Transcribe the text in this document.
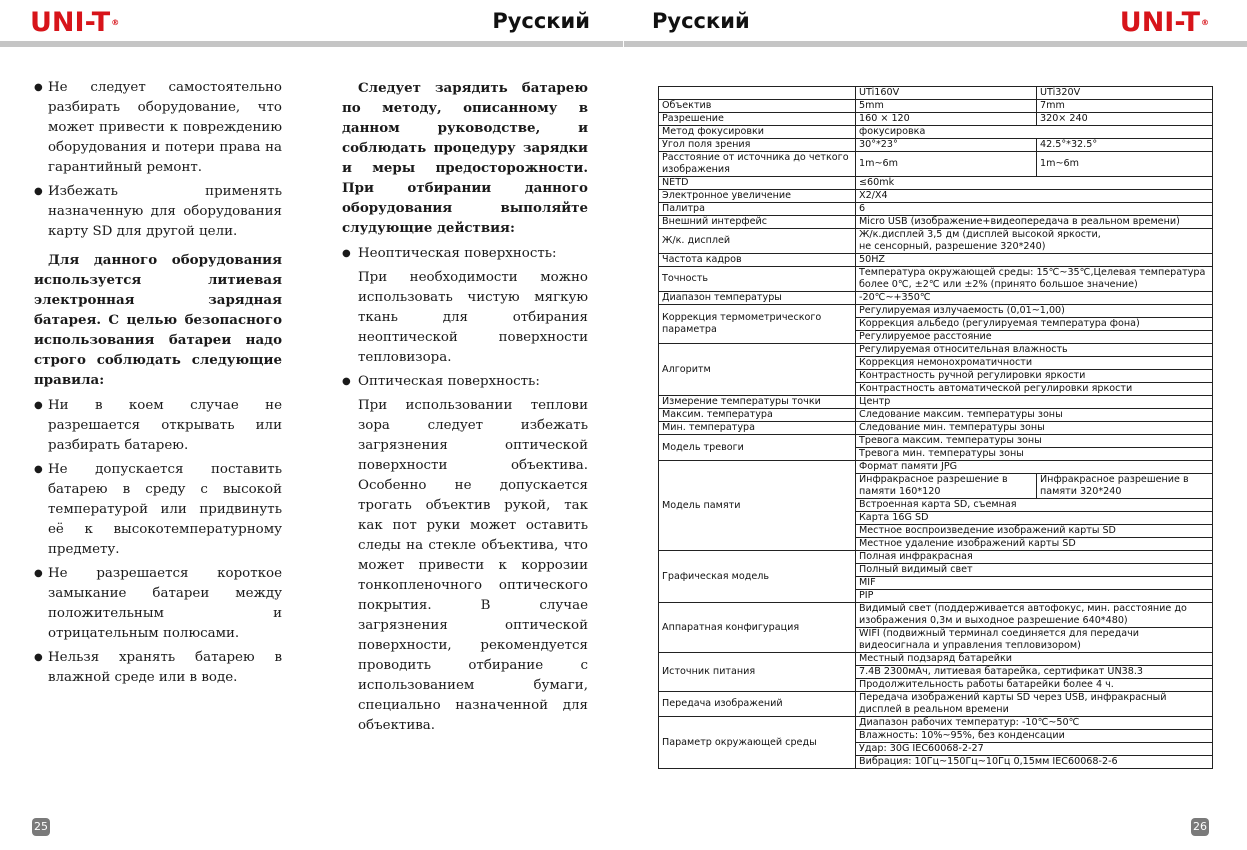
UNI-T®	Русский

● Не следует самостоятельно разбирать оборудование, что может привести к повреждению оборудования и потери права на гарантийный ремонт.

● Избежать применять назначенную для оборудования карту SD для другой цели.

Для данного оборудования используется литиевая электронная зарядная батарея. С целью безопасного использования батареи надо строго соблюдать следующие правила:

● Ни в коем случае не разрешается открывать или разбирать батарею.

● Не допускается поставить батарею в среду с высокой температурой или придвинуть её к высокотемпературному предмету.

● Не разрешается короткое замыкание батареи между положительным и отрицательным полюсами.

● Нельзя хранять батарею в влажной среде или в воде.

Следует зарядить батарею по методу, описанному в данном руководстве, и соблюдать процедуру зарядки и меры предосторожности. При отбирании данного оборудования выполяйте слудующие действия:

● Неоптическая поверхность:

При необходимости можно использовать чистую мягкую ткань для отбирания неоптической поверхности тепловизора.

● Оптическая поверхность:

При использовании теплови зора следует избежать загрязнения оптической поверхности объектива. Особенно не допускается трогать объектив рукой, так как пот руки может оставить следы на стекле объектива, что может привести к коррозии тонкопленочного оптического покрытия. В случае загрязнения оптической поверхности, рекомендуется проводить отбирание с использованием бумаги, специально назначенной для объектива.

25
Русский	UNI-T®
	UTi160V	UTi320V
Объектив	5mm	7mm
Разрешение	160 × 120	320× 240
Метод фокусировки	фокусировка	
Угол поля зрения	30°*23°	42.5°*32.5°
Расстояние от источника до четкого изображения	1m~6m	1m~6m
NETD	≤60mk	
Электронное увеличение	X2/X4	
Палитра	6	
Внешний интерфейс	Micro USB (изображение+видеопередача в реальном времени)	
Ж/к. дисплей	Ж/к.дисплей 3,5 дм (дисплей высокой яркости,
не сенсорный, разрешение 320*240)	

Частота кадров	50HZ	
Точность	Температура окружающей среды: 15℃~35℃,Целевая температура
более 0℃, ±2℃ или ±2% (принято большое значение)	

Диапазон температуры	-20℃~+350℃	
Коррекция термометрического параметра	Регулируемая излучаемость (0,01~1,00)	
	Коррекция альбедо (регулируемая температура фона)	
	Регулируемое расстояние	
Алгоритм	Регулируемая относительная влажность	
	Коррекция немонохроматичности	
	Контрастность ручной регулировки яркости	
	Контрастность автоматической регулировки яркости	
Измерение температуры точки	Центр	
Максим. температура	Следование максим. температуры зоны	
Мин. температура	Следование мин. температуры зоны	
Модель тревоги	Тревога максим. температуры зоны	
	Тревога мин. температуры зоны	
Модель памяти	Формат памяти JPG	
	Инфракрасное разрешение в памяти 160*120	Инфракрасное разрешение в памяти 320*240
	Встроенная карта SD, съемная	
	Карта 16G SD	
	Местное воспроизведение изображений карты SD	
	Местное удаление изображений карты SD	
Графическая модель	Полная инфракрасная	
	Полный видимый свет	
	MIF	
	PIP	
Аппаратная конфигурация	Видимый свет (поддерживается автофокус, мин. расстояние до изображения 0,3м и выходное разрешение 640*480)	
	WIFI (подвижный терминал соединяется для передачи видеосигнала и управления тепловизором)	
Источник питания	Местный подзаряд батарейки	
	7.4В 2300мАч, литиевая батарейка, сертификат UN38.3	
	Продолжительность работы батарейки более 4 ч.	
Передача изображений	Передача изображений карты SD через USB, инфракрасный дисплей в реальном времени	
Параметр окружающей среды	Диапазон рабочих температур: -10℃~50℃	
	Влажность: 10%~95%, без конденсации	
	Удар: 30G IEC60068-2-27	
	Вибрация: 10Гц~150Гц~10Гц 0,15мм IEC60068-2-6	
26
